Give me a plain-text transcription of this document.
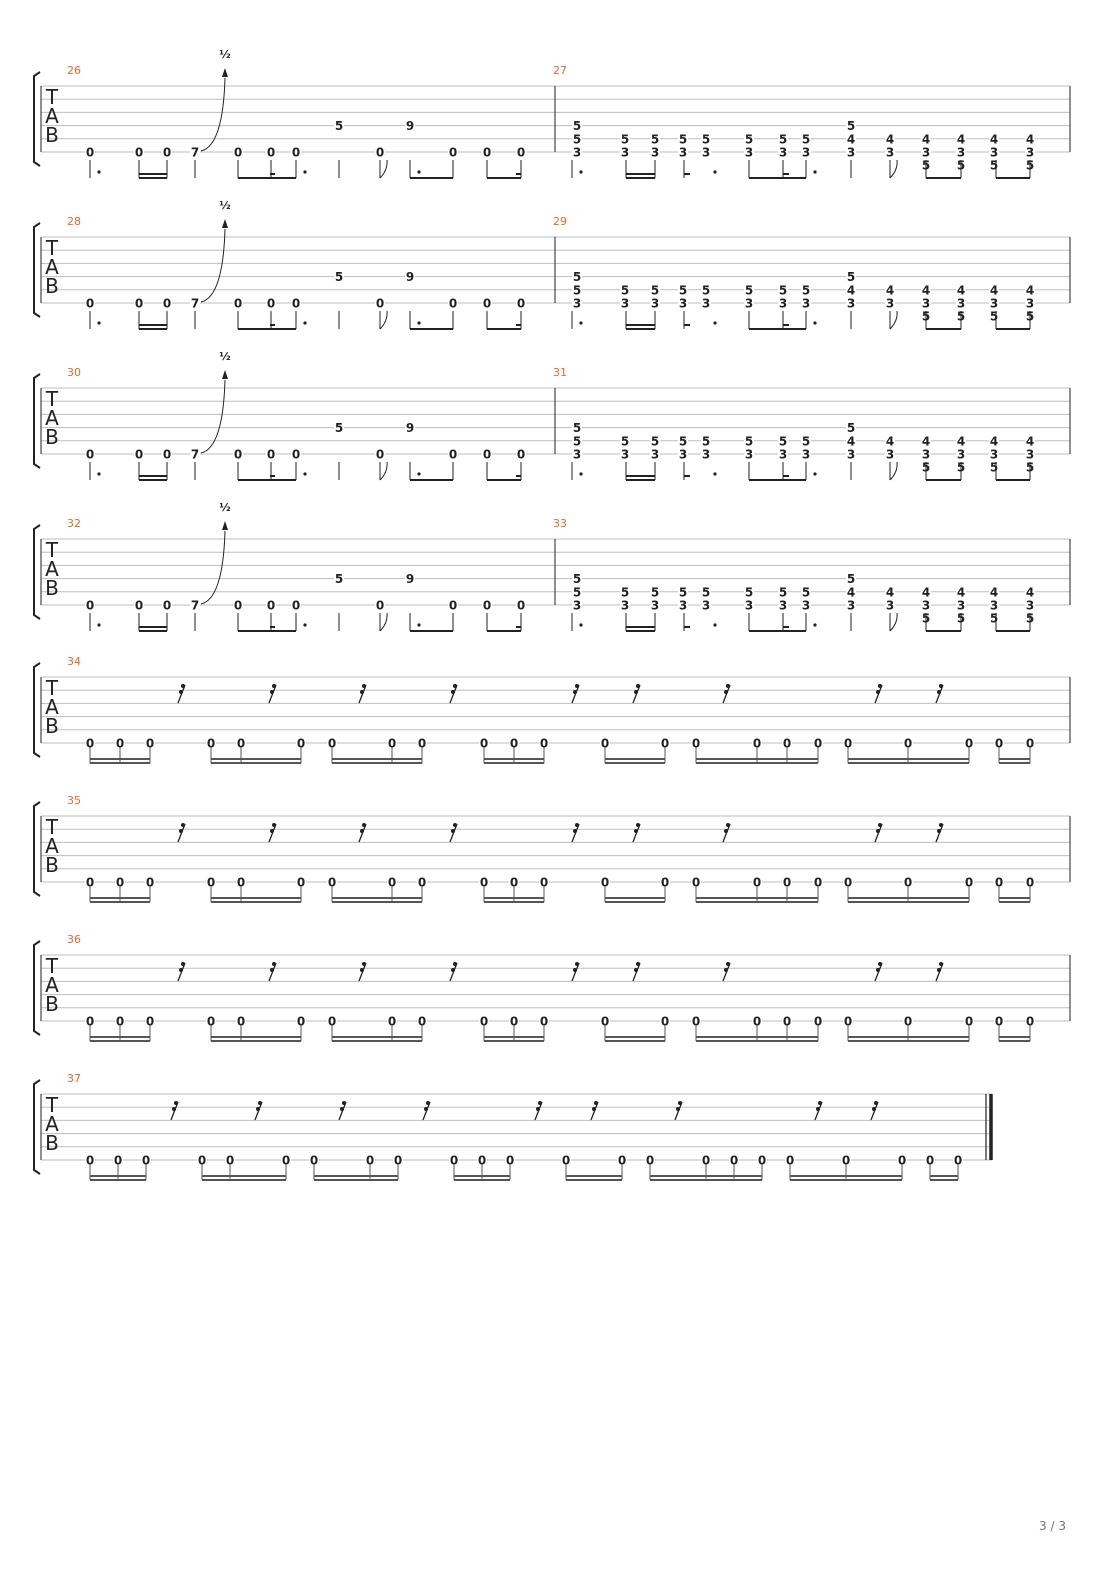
T
A
B
26
0	0 0 7	0 0 0
5
0
9
0 0 0
½
27
5
5
3
5
3
5
3
5
3
5
3
5
3
5
3
5
3
5
4
3
4
3
4
3
5
4
3
5
4
3
5
4
3
5
T
A
B
28
0	0 0 7	0 0 0
5
0
9
0 0 0
½
29
5
5
3
5
3
5
3
5
3
5
3
5
3
5
3
5
3
5
4
3
4
3
4
3
5
4
3
5
4
3
5
4
3
5
T
A
B
30
0	0 0 7	0 0 0
5
0
9
0 0 0
½
31
5
5
3
5
3
5
3
5
3
5
3
5
3
5
3
5
3
5
4
3
4
3
4
3
5
4
3
5
4
3
5
4
3
5
T
A
B
32
0	0 0 7	0 0 0
5
0
9
0 0 0
½
33
5
5
3
5
3
5
3
5
3
5
3
5
3
5
3
5
3
5
4
3
4
3
4
3
5
4
3
5
4
3
5
4
3
5
T
A
B
34
0 0 0	0 0	0 0	0 0	0 0 0	0	0 0	0 0 0 0	0	0 0 0
T
A
B
35
0 0 0	0 0	0 0	0 0	0 0 0	0	0 0	0 0 0 0	0	0 0 0
T
A
B
36
0 0 0	0 0	0 0	0 0	0 0 0	0	0 0	0 0 0 0	0	0 0 0
T
A
B
37
0 0 0	0 0	0 0	0 0	0 0 0	0	0 0	0 0 0 0	0	0 0 0
3 / 3
